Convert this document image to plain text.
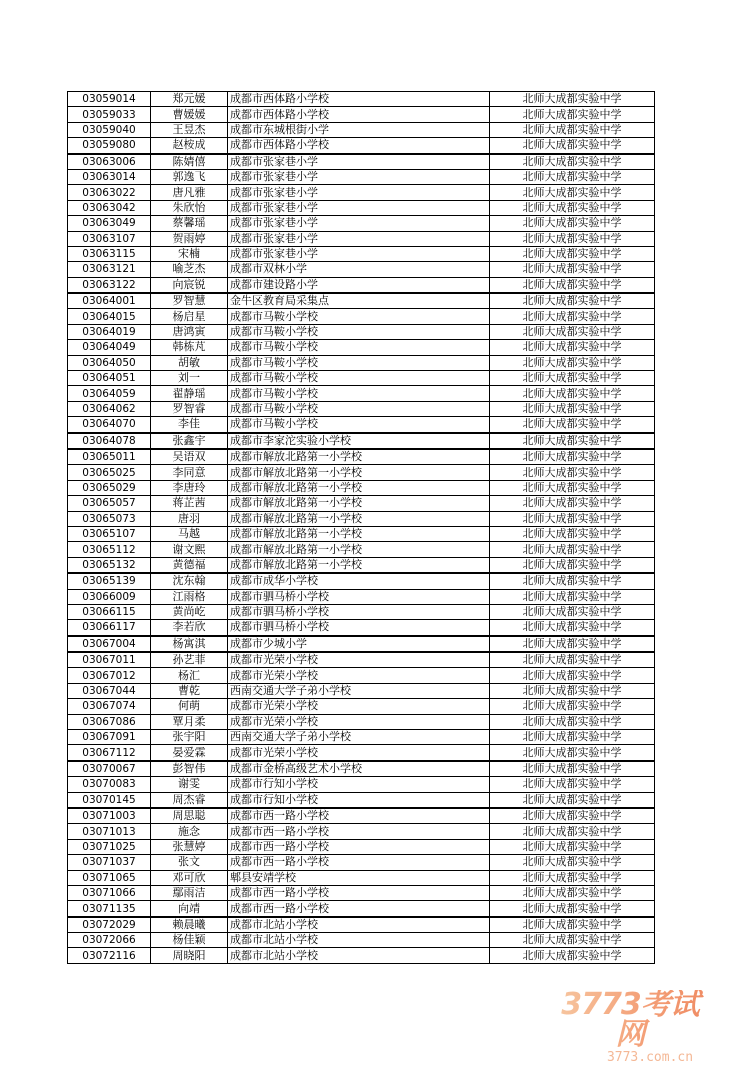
03059014	郑元媛	成都市西体路小学校	北师大成都实验中学
03059033	曹媛媛	成都市西体路小学校	北师大成都实验中学
03059040	王昱杰	成都市东城根街小学	北师大成都实验中学
03059080	赵桉成	成都市西体路小学校	北师大成都实验中学
03063006	陈婧僖	成都市张家巷小学	北师大成都实验中学
03063014	郭逸飞	成都市张家巷小学	北师大成都实验中学
03063022	唐凡雅	成都市张家巷小学	北师大成都实验中学
03063042	朱欣怡	成都市张家巷小学	北师大成都实验中学
03063049	蔡馨瑶	成都市张家巷小学	北师大成都实验中学
03063107	贺雨婷	成都市张家巷小学	北师大成都实验中学
03063115	宋楠	成都市张家巷小学	北师大成都实验中学
03063121	喻芝杰	成都市双林小学	北师大成都实验中学
03063122	向宸锐	成都市建设路小学	北师大成都实验中学
03064001	罗智慧	金牛区教育局采集点	北师大成都实验中学
03064015	杨启星	成都市马鞍小学校	北师大成都实验中学
03064019	唐鸿寅	成都市马鞍小学校	北师大成都实验中学
03064049	韩栋芃	成都市马鞍小学校	北师大成都实验中学
03064050	胡敏	成都市马鞍小学校	北师大成都实验中学
03064051	刘一	成都市马鞍小学校	北师大成都实验中学
03064059	翟静瑶	成都市马鞍小学校	北师大成都实验中学
03064062	罗智睿	成都市马鞍小学校	北师大成都实验中学
03064070	李佳	成都市马鞍小学校	北师大成都实验中学
03064078	张鑫宇	成都市李家沱实验小学校	北师大成都实验中学
03065011	吴语双	成都市解放北路第一小学校	北师大成都实验中学
03065025	李同意	成都市解放北路第一小学校	北师大成都实验中学
03065029	李唐玲	成都市解放北路第一小学校	北师大成都实验中学
03065057	蒋芷茜	成都市解放北路第一小学校	北师大成都实验中学
03065073	唐羽	成都市解放北路第一小学校	北师大成都实验中学
03065107	马越	成都市解放北路第一小学校	北师大成都实验中学
03065112	谢文熙	成都市解放北路第一小学校	北师大成都实验中学
03065132	黄德福	成都市解放北路第一小学校	北师大成都实验中学
03065139	沈东翰	成都市成华小学校	北师大成都实验中学
03066009	江雨格	成都市驷马桥小学校	北师大成都实验中学
03066115	黄尚屹	成都市驷马桥小学校	北师大成都实验中学
03066117	李若欣	成都市驷马桥小学校	北师大成都实验中学
03067004	杨寓淇	成都市少城小学	北师大成都实验中学
03067011	孙艺菲	成都市光荣小学校	北师大成都实验中学
03067012	杨汇	成都市光荣小学校	北师大成都实验中学
03067044	曹乾	西南交通大学子弟小学校	北师大成都实验中学
03067074	何萌	成都市光荣小学校	北师大成都实验中学
03067086	覃月柔	成都市光荣小学校	北师大成都实验中学
03067091	张宇阳	西南交通大学子弟小学校	北师大成都实验中学
03067112	晏爱霖	成都市光荣小学校	北师大成都实验中学
03070067	彭智伟	成都市金桥高级艺术小学校	北师大成都实验中学
03070083	谢雯	成都市行知小学校	北师大成都实验中学
03070145	周杰睿	成都市行知小学校	北师大成都实验中学
03071003	周思聪	成都市西一路小学校	北师大成都实验中学
03071013	施念	成都市西一路小学校	北师大成都实验中学
03071025	张慧婷	成都市西一路小学校	北师大成都实验中学
03071037	张文	成都市西一路小学校	北师大成都实验中学
03071065	邓可欣	郫县安靖学校	北师大成都实验中学
03071066	鄢雨洁	成都市西一路小学校	北师大成都实验中学
03071135	向靖	成都市西一路小学校	北师大成都实验中学
03072029	赖晨曦	成都市北站小学校	北师大成都实验中学
03072066	杨佳颖	成都市北站小学校	北师大成都实验中学
03072116	周晓阳	成都市北站小学校	北师大成都实验中学
3773考试网
3773.com.cn
